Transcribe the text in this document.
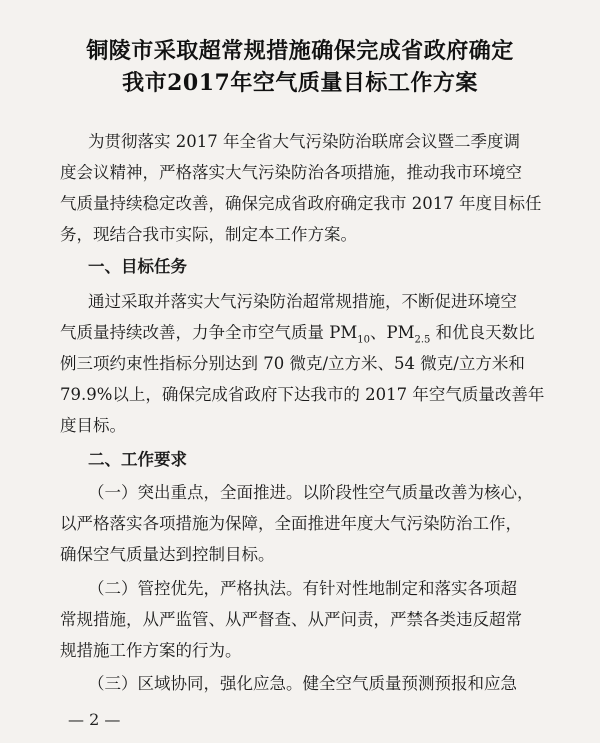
铜陵市采取超常规措施确保完成省政府确定
我市2017年空气质量目标工作方案

为贯彻落实 2017 年全省大气污染防治联席会议暨二季度调

度会议精神，严格落实大气污染防治各项措施，推动我市环境空

气质量持续稳定改善，确保完成省政府确定我市 2017 年度目标任

务，现结合我市实际，制定本工作方案。

一、目标任务

通过采取并落实大气污染防治超常规措施，不断促进环境空

气质量持续改善，力争全市空气质量 $PM_{10}$、$PM_{2.5}$ 和优良天数比

例三项约束性指标分别达到 70 微克/立方米、54 微克/立方米和

79.9%以上，确保完成省政府下达我市的 2017 年空气质量改善年

度目标。

二、工作要求

（一）突出重点，全面推进。以阶段性空气质量改善为核心，

以严格落实各项措施为保障，全面推进年度大气污染防治工作，

确保空气质量达到控制目标。

（二）管控优先，严格执法。有针对性地制定和落实各项超

常规措施，从严监管、从严督查、从严问责，严禁各类违反超常

规措施工作方案的行为。

（三）区域协同，强化应急。健全空气质量预测预报和应急

— 2 —
